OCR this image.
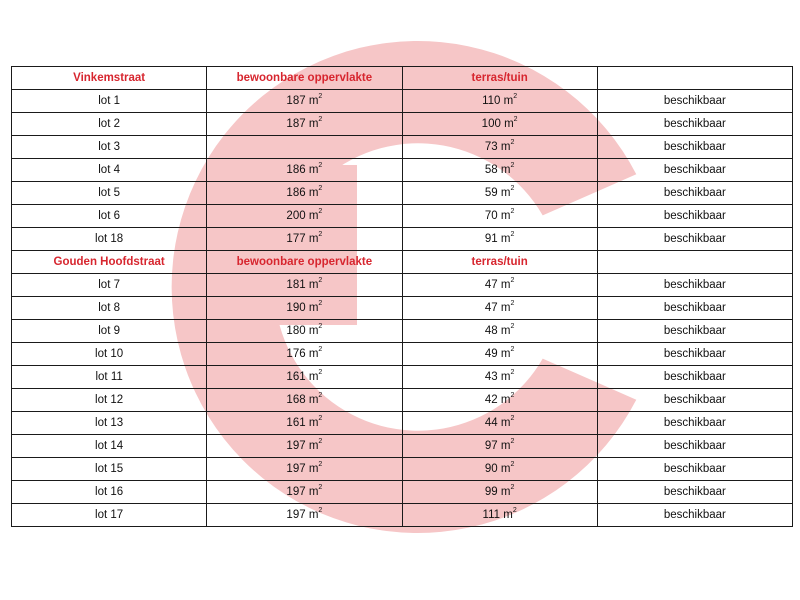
Vinkemstraat	bewoonbare oppervlakte	terras/tuin	
lot 1	187 $m^2$	110 $m^2$	beschikbaar
lot 2	187 $m^2$	100 $m^2$	beschikbaar
lot 3		73 $m^2$	beschikbaar
lot 4	186 $m^2$	58 $m^2$	beschikbaar
lot 5	186 $m^2$	59 $m^2$	beschikbaar
lot 6	200 $m^2$	70 $m^2$	beschikbaar
lot 18	177 $m^2$	91 $m^2$	beschikbaar
Gouden Hoofdstraat	bewoonbare oppervlakte	terras/tuin	
lot 7	181 $m^2$	47 $m^2$	beschikbaar
lot 8	190 $m^2$	47 $m^2$	beschikbaar
lot 9	180 $m^2$	48 $m^2$	beschikbaar
lot 10	176 $m^2$	49 $m^2$	beschikbaar
lot 11	161 $m^2$	43 $m^2$	beschikbaar
lot 12	168 $m^2$	42 $m^2$	beschikbaar
lot 13	161 $m^2$	44 $m^2$	beschikbaar
lot 14	197 $m^2$	97 $m^2$	beschikbaar
lot 15	197 $m^2$	90 $m^2$	beschikbaar
lot 16	197 $m^2$	99 $m^2$	beschikbaar
lot 17	197 $m^2$	111 $m^2$	beschikbaar
